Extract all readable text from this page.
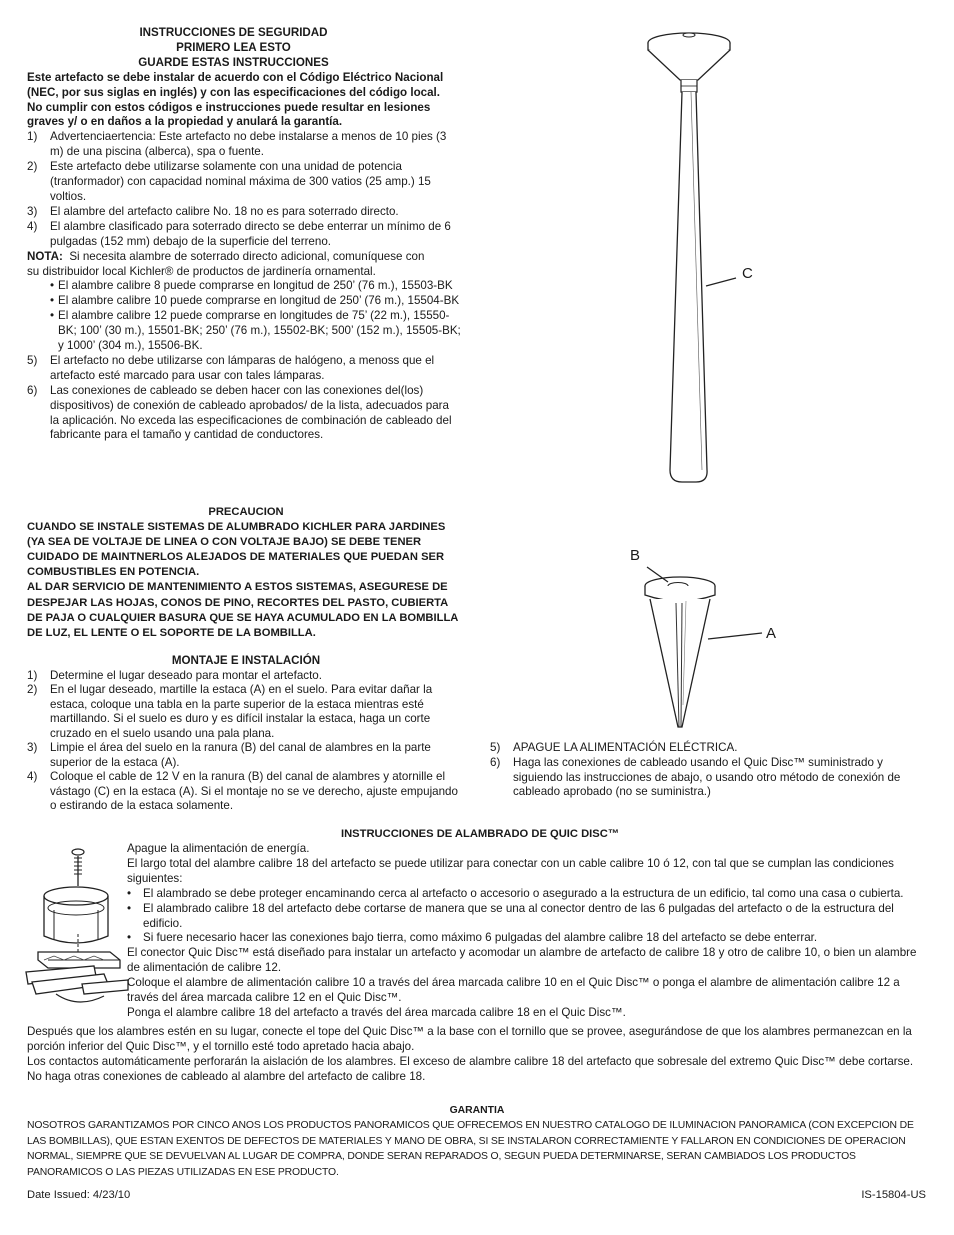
INSTRUCCIONES DE SEGURIDAD

PRIMERO LEA ESTO

GUARDE ESTAS INSTRUCCIONES

Este artefacto se debe instalar de acuerdo con el Código Eléctrico Nacional (NEC, por sus siglas en inglés) y con las especificaciones del código local. No cumplir con estos códigos e instrucciones puede resultar en lesiones graves y/ o en daños a la propiedad y anulará la garantía.

1) Advertenciaertencia: Este artefacto no debe instalarse a menos de 10 pies (3 m) de una piscina (alberca), spa o fuente.
2) Este artefacto debe utilizarse solamente con una unidad de potencia (tranformador) con capacidad nominal máxima de 300 vatios (25 amp.) 15 voltios.
3) El alambre del artefacto calibre No. 18 no es para soterrado directo.
4) El alambre clasificado para soterrado directo se debe enterrar un mínimo de 6 pulgadas (152 mm) debajo de la superficie del terreno.

NOTA: Si necesita alambre de soterrado directo adicional, comuníquese con su distribuidor local Kichler® de productos de jardinería ornamental.

• El alambre calibre 8 puede comprarse en longitud de 250’ (76 m.), 15503-BK
• El alambre calibre 10 puede comprarse en longitud de 250’ (76 m.), 15504-BK
• El alambre calibre 12 puede comprarse en longitudes de 75’ (22 m.), 15550-BK; 100’ (30 m.), 15501-BK; 250’ (76 m.), 15502-BK; 500’ (152 m.), 15505-BK; y 1000’ (304 m.), 15506-BK.
5) El artefacto no debe utilizarse con lámparas de halógeno, a menoss que el artefacto esté marcado para usar con tales lámparas.
6) Las conexiones de cableado se deben hacer con las conexiones del(los) dispositivos) de conexión de cableado aprobados/ de la lista, adecuados para la aplicación. No exceda las especificaciones de combinación de cableado del fabricante para el tamaño y cantidad de conductores.

PRECAUCION

CUANDO SE INSTALE SISTEMAS DE ALUMBRADO KICHLER PARA JARDINES (YA SEA DE VOLTAJE DE LINEA O CON VOLTAJE BAJO) SE DEBE TENER CUIDADO DE MAINTNERLOS ALEJADOS DE MATERIALES QUE PUEDAN SER COMBUSTIBLES EN POTENCIA.

AL DAR SERVICIO DE MANTENIMIENTO A ESTOS SISTEMAS, ASEGURESE DE DESPEJAR LAS HOJAS, CONOS DE PINO, RECORTES DEL PASTO, CUBIERTA DE PAJA O CUALQUIER BASURA QUE SE HAYA ACUMULADO EN LA BOMBILLA DE LUZ, EL LENTE O EL SOPORTE DE LA BOMBILLA.

MONTAJE E INSTALACIÓN

1) Determine el lugar deseado para montar el artefacto.
2) En el lugar deseado, martille la estaca (A) en el suelo. Para evitar dañar la estaca, coloque una tabla en la parte superior de la estaca mientras esté martillando. Si el suelo es duro y es difícil instalar la estaca, haga un corte cruzado en el suelo usando una pala plana.
3) Limpie el área del suelo en la ranura (B) del canal de alambres en la parte superior de la estaca (A).
4) Coloque el cable de 12 V en la ranura (B) del canal de alambres y atornille el vástago (C) en la estaca (A). Si el montaje no se ve derecho, ajuste empujando o estirando de la estaca solamente.
5) APAGUE LA ALIMENTACIÓN ELÉCTRICA.
6) Haga las conexiones de cableado usando el Quic Disc™ suministrado y siguiendo las instrucciones de abajo, o usando otro método de conexión de cableado aprobado (no se suministra.)
C
B
A
INSTRUCCIONES DE ALAMBRADO DE QUIC DISC™

Apague la alimentación de energía.

El largo total del alambre calibre 18 del artefacto se puede utilizar para conectar con un cable calibre 10 ó 12, con tal que se cumplan las condiciones siguientes:

• El alambrado se debe proteger encaminando cerca al artefacto o accesorio o asegurado a la estructura de un edificio, tal como una casa o cubierta.
• El alambrado calibre 18 del artefacto debe cortarse de manera que se una al conector dentro de las 6 pulgadas del artefacto o de la estructura del edificio.
• Si fuere necesario hacer las conexiones bajo tierra, como máximo 6 pulgadas del alambre calibre 18 del artefacto se debe enterrar.

El conector Quic Disc™ está diseñado para instalar un artefacto y acomodar un alambre de artefacto de calibre 18 y otro de calibre 10, o bien un alambre de alimentación de calibre 12.

Coloque el alambre de alimentación calibre 10 a través del área marcada calibre 10 en el Quic Disc™ o ponga el alambre de alimentación calibre 12 a través del área marcada calibre 12 en el Quic Disc™.

Ponga el alambre calibre 18 del artefacto a través del área marcada calibre 18 en el Quic Disc™.

Después que los alambres estén en su lugar, conecte el tope del Quic Disc™ a la base con el tornillo que se provee, asegurándose de que los alambres permanezcan en la porción inferior del Quic Disc™, y el tornillo esté todo apretado hacia abajo.

Los contactos automáticamente perforarán la aislación de los alambres. El exceso de alambre calibre 18 del artefacto que sobresale del extremo Quic Disc™ debe cortarse.

No haga otras conexiones de cableado al alambre del artefacto de calibre 18.

GARANTIA
NOSOTROS GARANTIZAMOS POR CINCO ANOS LOS PRODUCTOS PANORAMICOS QUE OFRECEMOS EN NUESTRO CATALOGO DE ILUMINACION PANORAMICA (CON EXCEPCION DE LAS BOMBILLAS), QUE ESTAN EXENTOS DE DEFECTOS DE MATERIALES Y MANO DE OBRA, SI SE INSTALARON CORRECTAMIENTE Y FALLARON EN CONDICIONES DE OPERACION NORMAL, SIEMPRE QUE SE DEVUELVAN AL LUGAR DE COMPRA, DONDE SERAN REPARADOS O, SEGUN PUEDA DETERMINARSE, SERAN CAMBIADOS LOS PRODUCTOS PANORAMICOS O LAS PIEZAS UTILIZADAS EN ESE PRODUCTO.
Date Issued: 4/23/10	IS-15804-US
